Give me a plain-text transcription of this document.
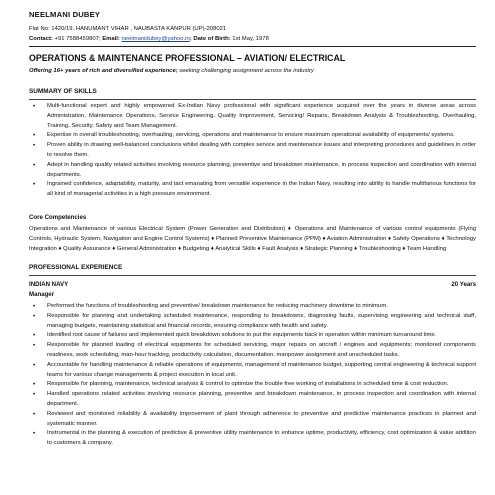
NEELMANI DUBEY
Flat No: 1420/19, HANUMANT VIHAR , NAUBASTA KANPUR (UP)-208021
Contact: +91 7588459807; Email: neelmanidubey@yahoo.in; Date of Birth: 1st May, 1978
OPERATIONS & MAINTENANCE PROFESSIONAL – AVIATION/ ELECTRICAL
Offering 16+ years of rich and diversified experience; seeking challenging assignment across the industry
SUMMARY OF SKILLS
• Multi-functional expert and highly empowered Ex-Indian Navy professional with significant experience acquired over the years in diverse areas across Administration, Maintenance Operations, Service Engineering, Quality Improvement, Servicing/ Repairs, Breakdown Analysis & Troubleshooting, Overhauling, Training, Security, Safety and Team Management.
• Expertise in overall troubleshooting, overhauling, servicing, operations and maintenance to ensure maximum operational availability of equipments/ systems.
• Proven ability in drawing well-balanced conclusions whilst dealing with complex service and maintenance issues and interpreting procedures and guidelines in order to resolve them.
• Adept in handling quality related activities involving resource planning, preventive and breakdown maintenance, in process inspection and coordination with internal departments.
• Ingrained confidence, adaptability, maturity, and tact emanating from versatile experience in the Indian Navy, resulting into ability to handle multifarious functions for all kind of managerial activities in a high pressure environment.
Core Competencies
Operations and Maintenance of various Electrical System (Power Generation and Distribution) ♦ Operations and Maintenance of various control equipments (Flying Controls, Hydraulic System, Navigation and Engine Control Systems) ♦ Planned Preventive Maintenance (PPM) ♦ Aviation Administration ♦ Safety Operations ♦ Technology Integration ♦ Quality Assurance ♦ General Administration ♦ Budgeting ♦ Analytical Skills ♦ Fault Analysis ♦ Strategic Planning ♦ Troubleshooting ♦ Team Handling
PROFESSIONAL EXPERIENCE
INDIAN NAVY	20 Years
Manager
• Performed the functions of troubleshooting and preventive/ breakdown maintenance for reducing machinery downtime to minimum.
• Responsible for planning and undertaking scheduled maintenance, responding to breakdowns, diagnosing faults, supervising engineering and technical staff, managing budgets, maintaining statistical and financial records, ensuring compliance with health and safety.
• Identified root cause of failures and implemented quick breakdown solutions to put the equipments back in operation within minimum turnaround time.
• Responsible for planned loading of electrical equipments for scheduled servicing, major repairs on aircraft / engines and equipments; monitored components readiness, work scheduling, man-hour tracking, productivity calculation, documentation, manpower assignment and unscheduled tasks.
• Accountable for handling maintenance & reliable operations of equipments, management of maintenance budget, supporting central engineering & technical support teams for various change managements & project execution in local unit.
• Responsible for planning, maintenance, technical analysis & control to optimize the trouble free working of installations in scheduled time & cost reduction.
• Handled operations related activities involving resource planning, preventive and breakdown maintenance, in process inspection and coordination with internal department.
• Reviewed and monitored reliability & availability improvement of plant through adherence to preventive and predictive maintenance practices in planned and systematic manner.
• Instrumental in the planning & execution of predictive & preventive utility maintenance to enhance uptime, productivity, efficiency, cost optimization & value addition to customers & company.
